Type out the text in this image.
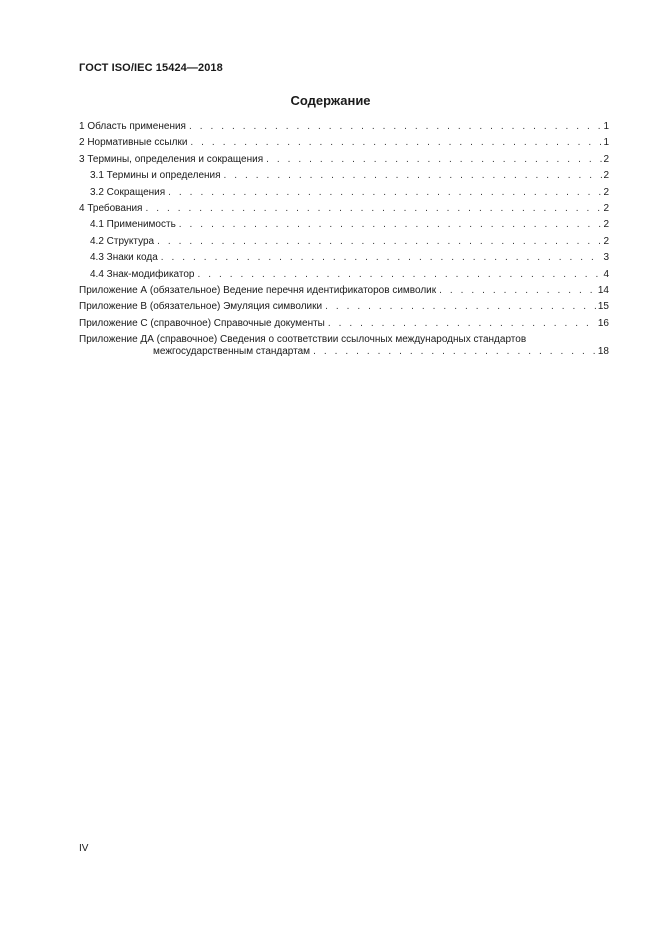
ГОСТ ISO/IEC 15424—2018
Содержание
1 Область применения . . .	1
2 Нормативные ссылки . . .	1
3 Термины, определения и сокращения . . .	2
3.1 Термины и определения . . .	2
3.2 Сокращения . . .	2
4 Требования . . .	2
4.1 Применимость . . .	2
4.2 Структура . . .	2
4.3 Знаки кода . . .	3
4.4 Знак-модификатор . . .	4
Приложение А (обязательное) Ведение перечня идентификаторов символик . . .	14
Приложение В (обязательное) Эмуляция символики . . .	15
Приложение С (справочное) Справочные документы . . .	16
Приложение ДА (справочное) Сведения о соответствии ссылочных международных стандартов
межгосударственным стандартам . . .	18
IV
